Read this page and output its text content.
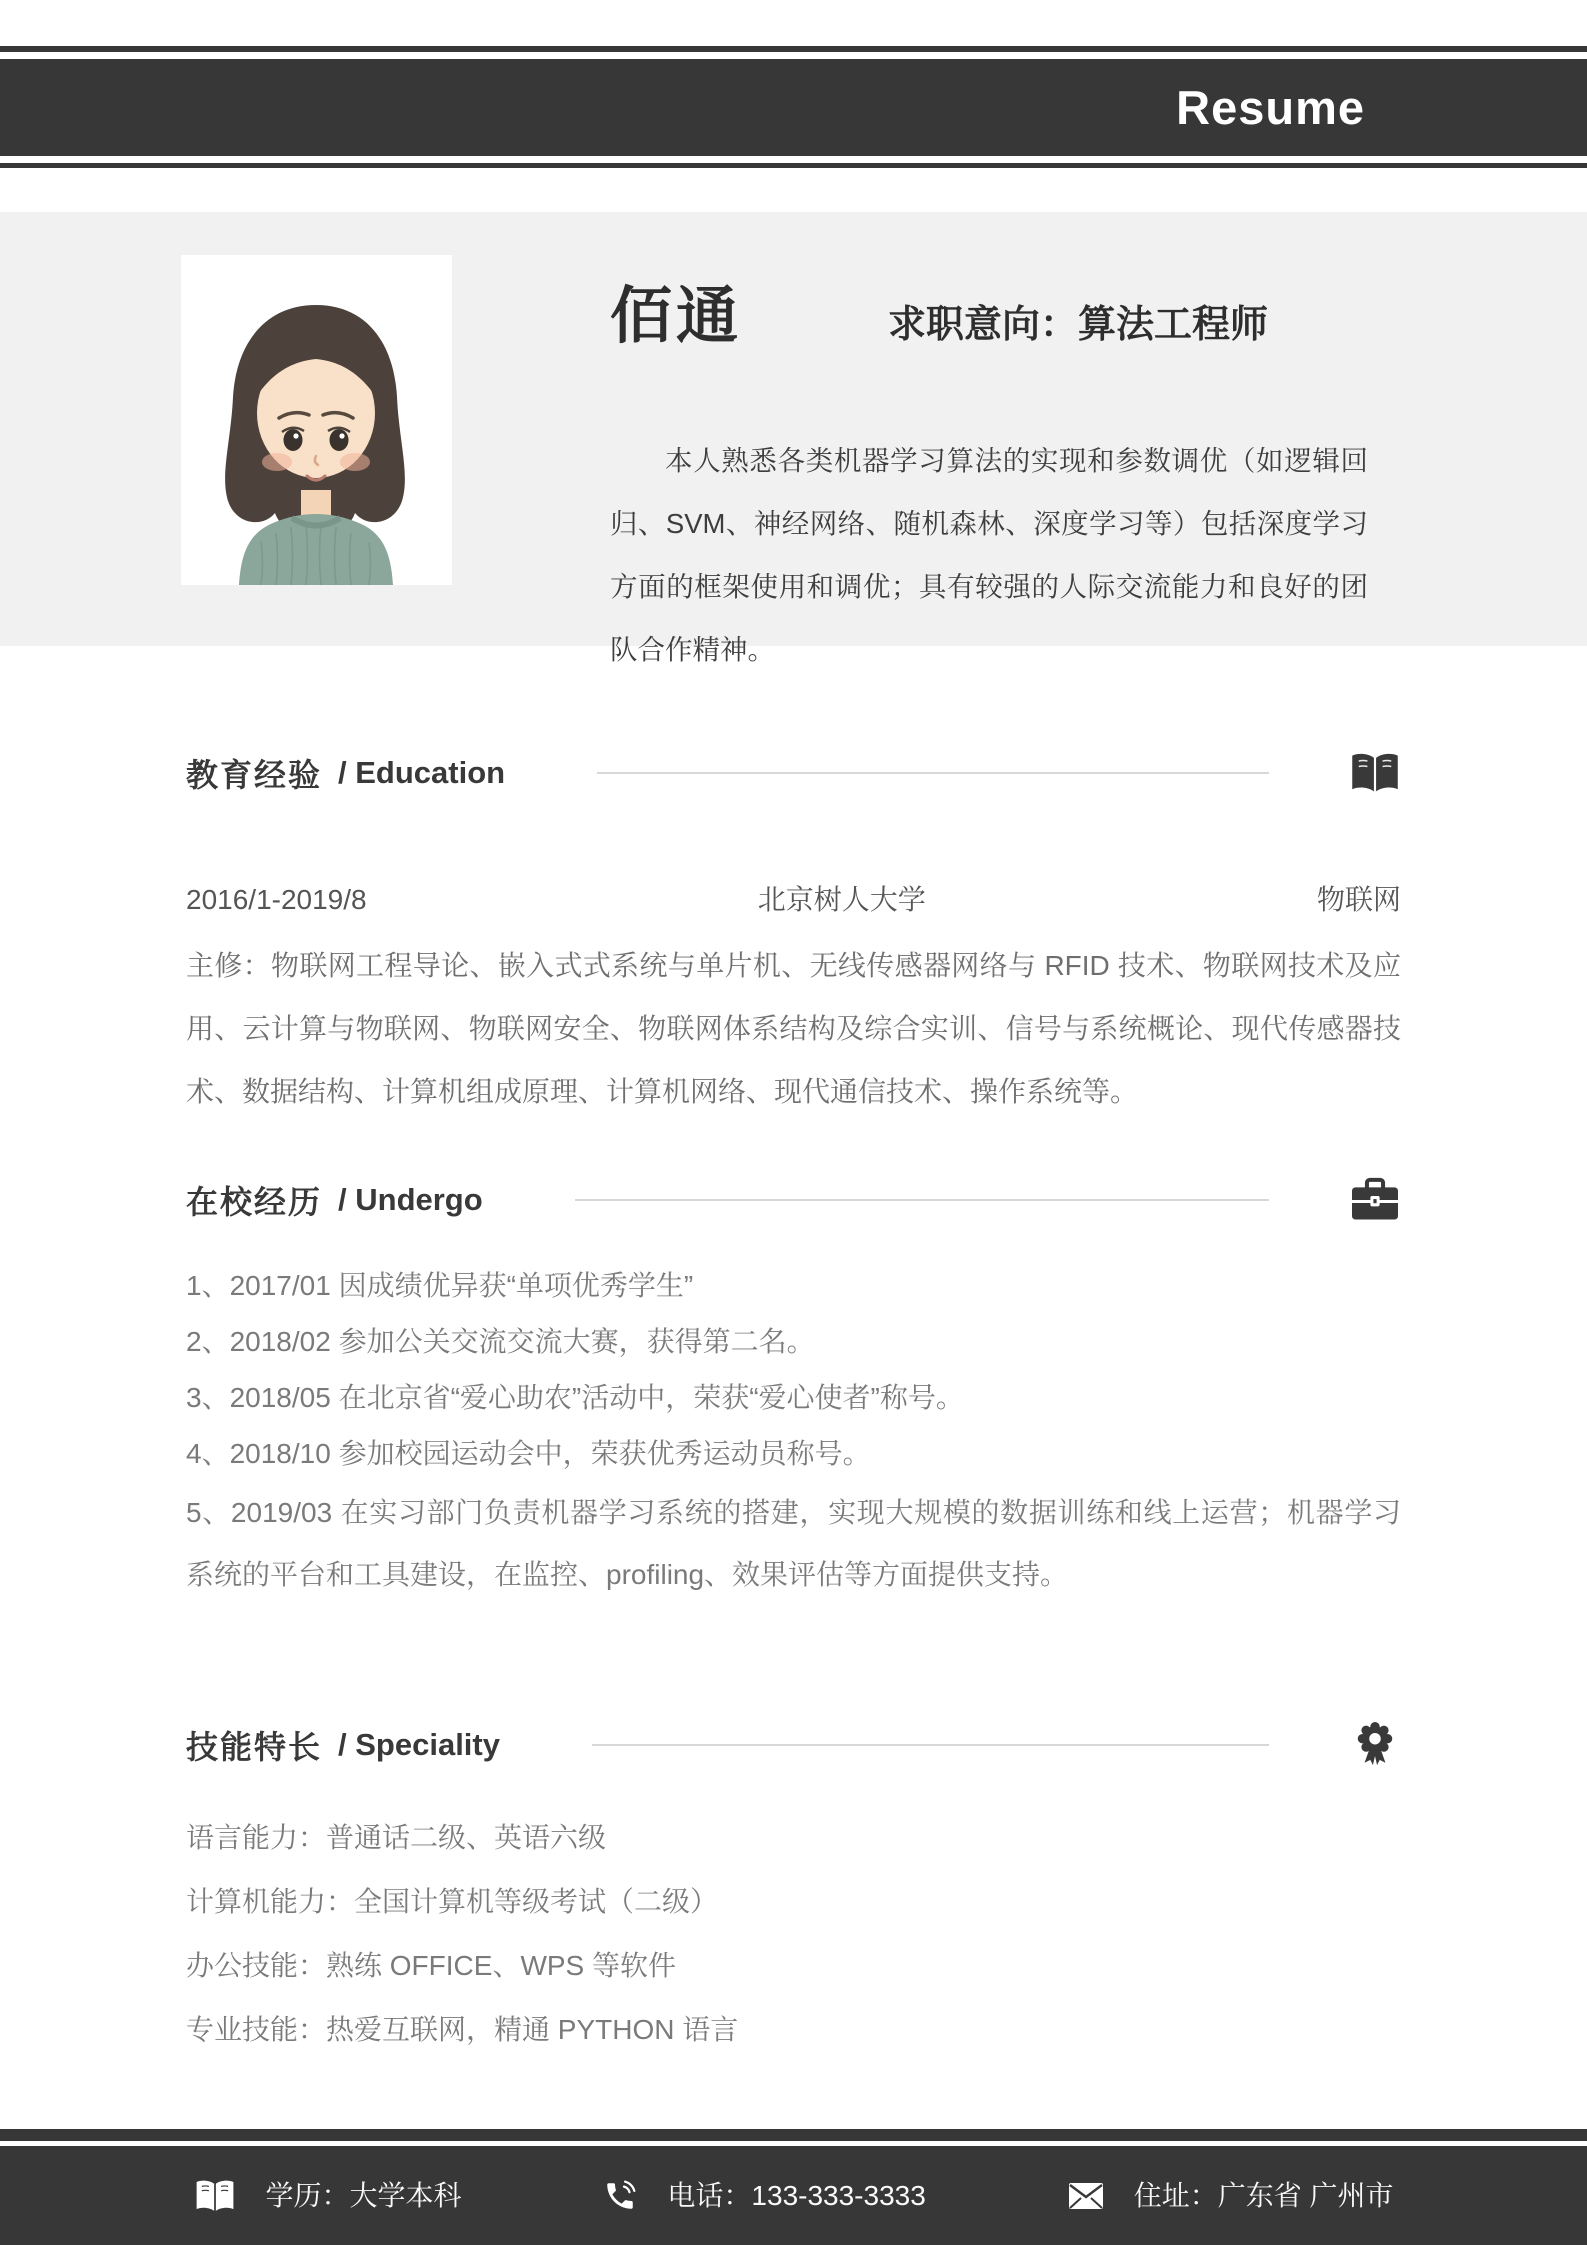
Resume
佰通	求职意向：算法工程师

本人熟悉各类机器学习算法的实现和参数调优（如逻辑回归、SVM、神经网络、随机森林、深度学习等）包括深度学习方面的框架使用和调优；具有较强的人际交流能力和良好的团队合作精神。

教育经验 / Education
2016/1-2019/8	北京树人大学	物联网

主修：物联网工程导论、嵌入式式系统与单片机、无线传感器网络与 RFID 技术、物联网技术及应用、云计算与物联网、物联网安全、物联网体系结构及综合实训、信号与系统概论、现代传感器技术、数据结构、计算机组成原理、计算机网络、现代通信技术、操作系统等。

在校经历 / Undergo
1、2017/01 因成绩优异获“单项优秀学生”
2、2018/02 参加公关交流交流大赛，获得第二名。
3、2018/05 在北京省“爱心助农”活动中，荣获“爱心使者”称号。
4、2018/10 参加校园运动会中，荣获优秀运动员称号。
5、2019/03 在实习部门负责机器学习系统的搭建，实现大规模的数据训练和线上运营；机器学习系统的平台和工具建设，在监控、profiling、效果评估等方面提供支持。
技能特长 / Speciality
语言能力：普通话二级、英语六级
计算机能力：全国计算机等级考试（二级）
办公技能：熟练 OFFICE、WPS 等软件
专业技能：热爱互联网，精通 PYTHON 语言
学历：大学本科	电话：133-333-3333	住址：广东省 广州市
